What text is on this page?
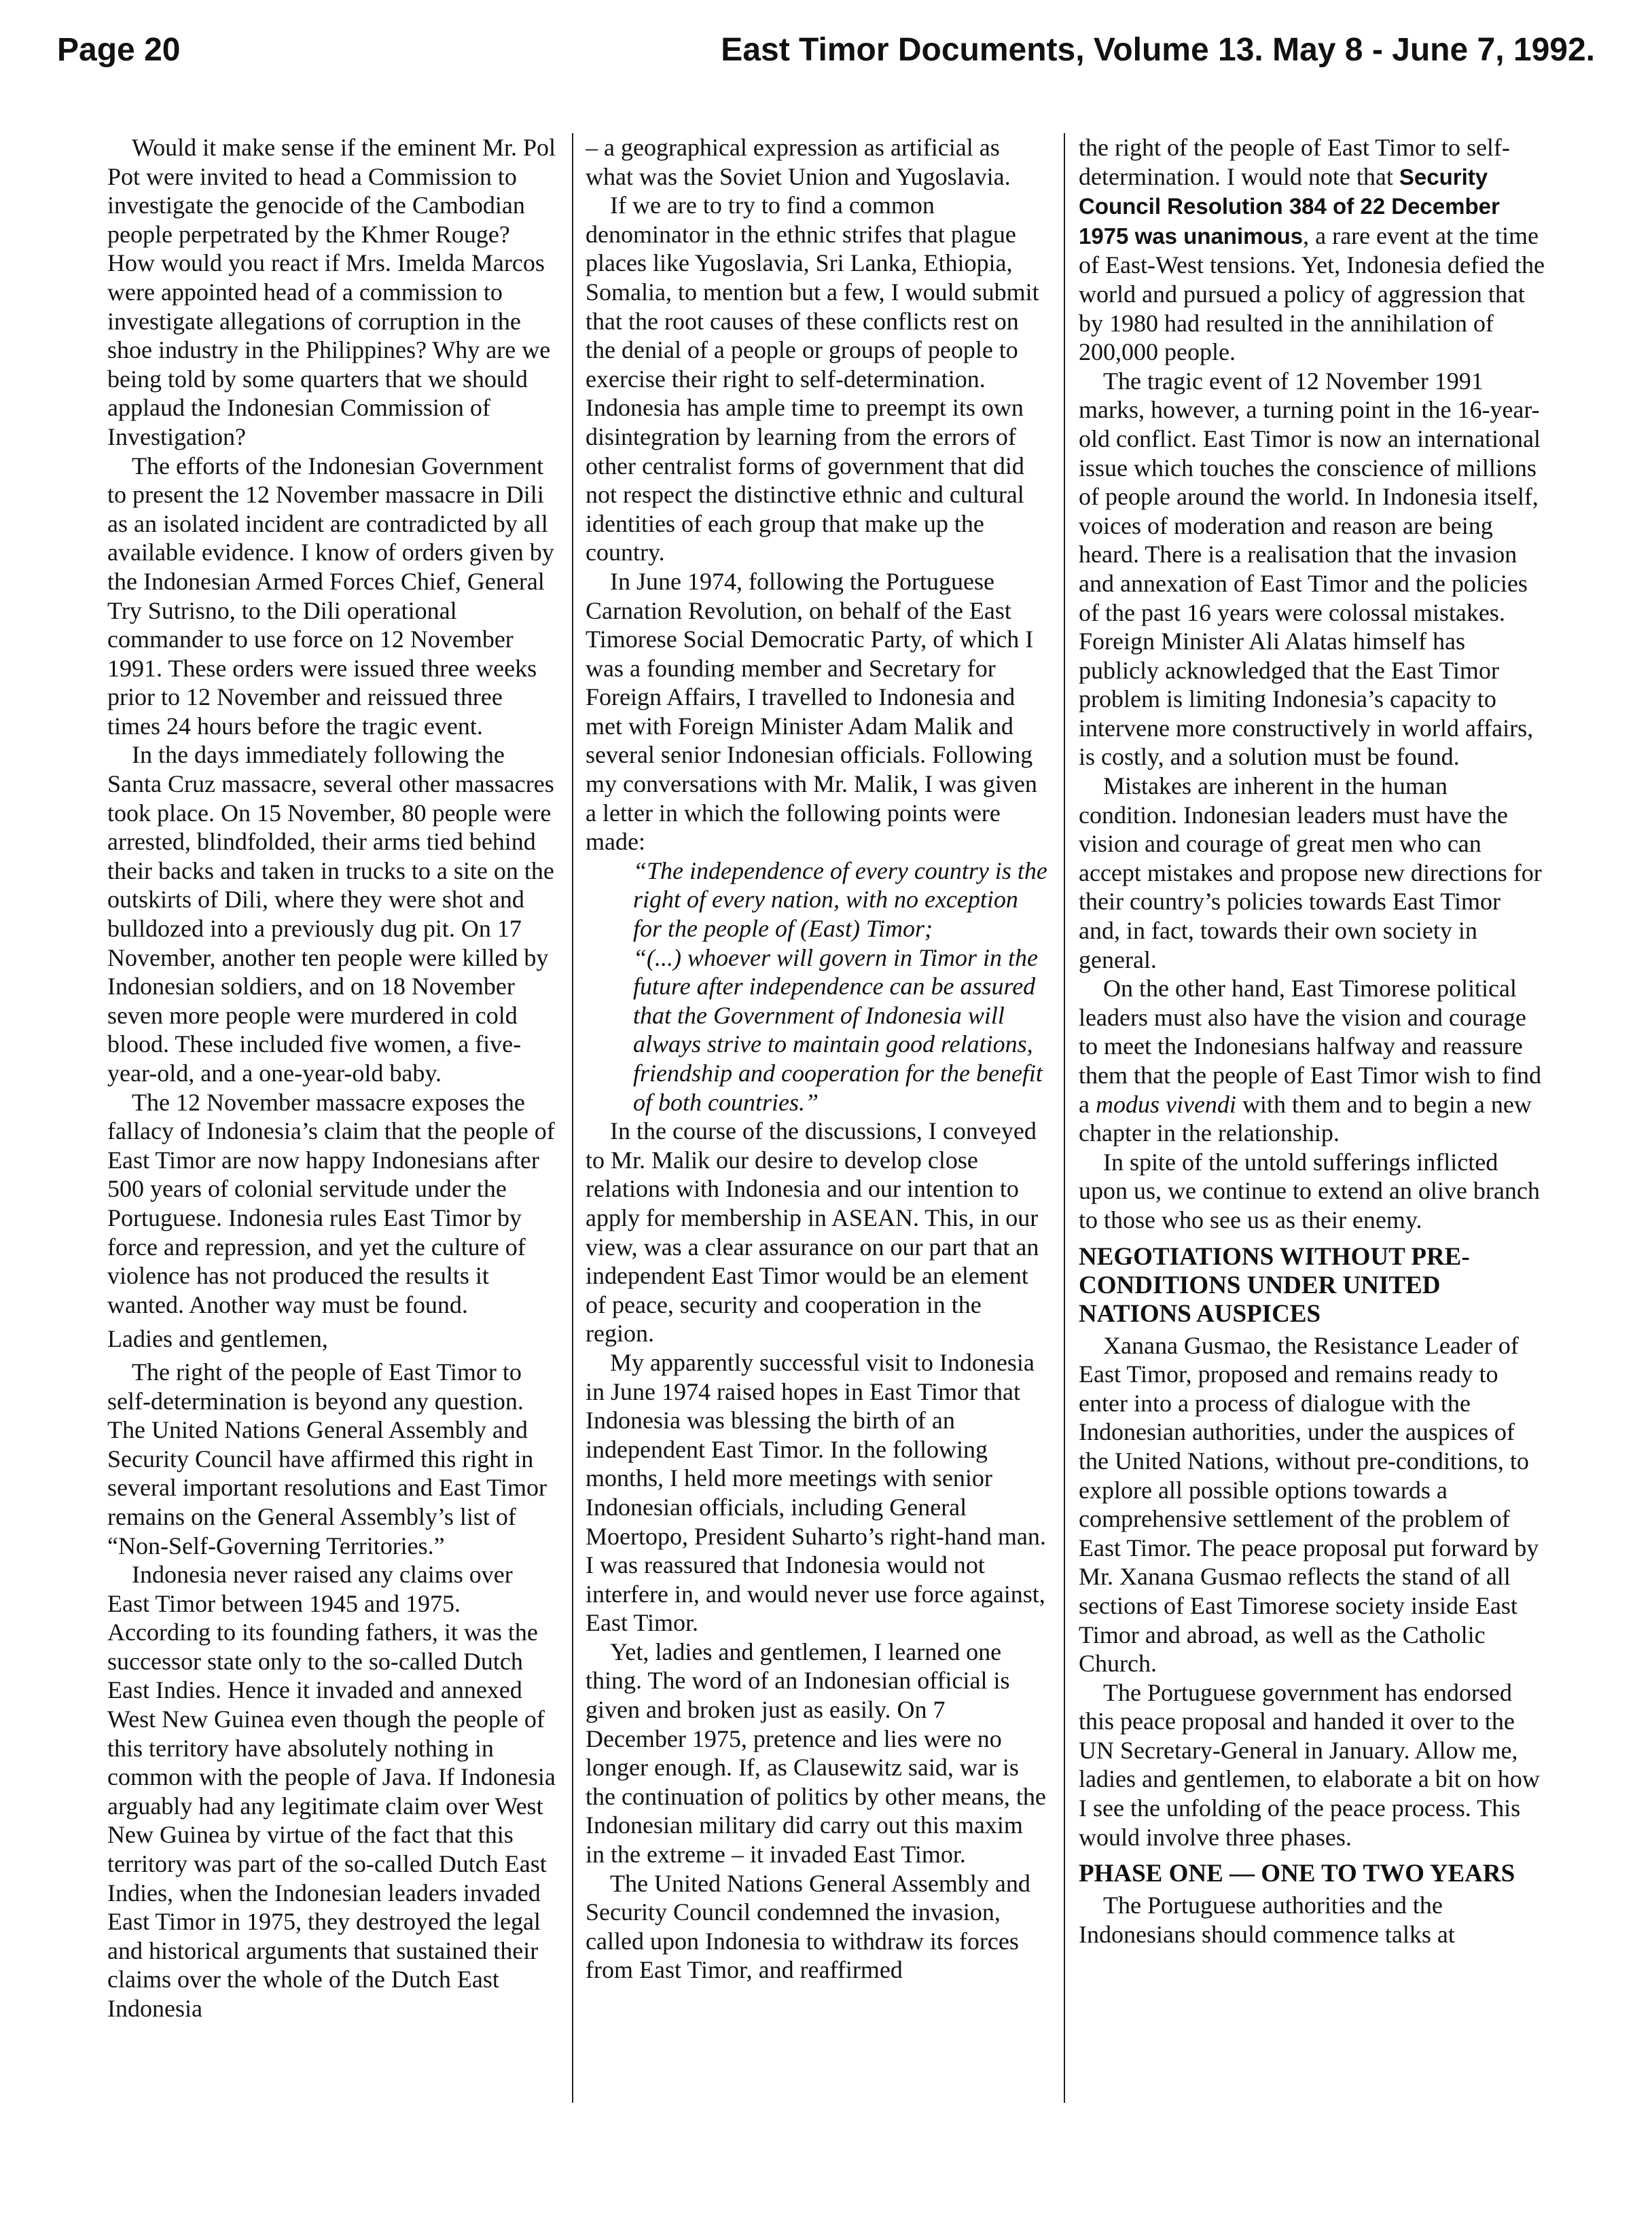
Page 20	East Timor Documents, Volume 13. May 8 - June 7, 1992.

Would it make sense if the eminent Mr. Pol Pot were invited to head a Commission to investigate the genocide of the Cambodian people perpetrated by the Khmer Rouge? How would you react if Mrs. Imelda Marcos were appointed head of a commission to investigate allegations of corruption in the shoe industry in the Philippines? Why are we being told by some quarters that we should applaud the Indonesian Commission of Investigation?

The efforts of the Indonesian Government to present the 12 November massacre in Dili as an isolated incident are contradicted by all available evidence. I know of orders given by the Indonesian Armed Forces Chief, General Try Sutrisno, to the Dili operational commander to use force on 12 November 1991. These orders were issued three weeks prior to 12 November and reissued three times 24 hours before the tragic event.

In the days immediately following the Santa Cruz massacre, several other massacres took place. On 15 November, 80 people were arrested, blindfolded, their arms tied behind their backs and taken in trucks to a site on the outskirts of Dili, where they were shot and bulldozed into a previously dug pit. On 17 November, another ten people were killed by Indonesian soldiers, and on 18 November seven more people were murdered in cold blood. These included five women, a five-year-old, and a one-year-old baby.

The 12 November massacre exposes the fallacy of Indonesia’s claim that the people of East Timor are now happy Indonesians after 500 years of colonial servitude under the Portuguese. Indonesia rules East Timor by force and repression, and yet the culture of violence has not produced the results it wanted. Another way must be found.

Ladies and gentlemen,

The right of the people of East Timor to self-determination is beyond any question. The United Nations General Assembly and Security Council have affirmed this right in several important resolutions and East Timor remains on the General Assembly’s list of “Non-Self-Governing Territories.”

Indonesia never raised any claims over East Timor between 1945 and 1975. According to its founding fathers, it was the successor state only to the so-called Dutch East Indies. Hence it invaded and annexed West New Guinea even though the people of this territory have absolutely nothing in common with the people of Java. If Indonesia arguably had any legitimate claim over West New Guinea by virtue of the fact that this territory was part of the so-called Dutch East Indies, when the Indonesian leaders invaded East Timor in 1975, they destroyed the legal and historical arguments that sustained their claims over the whole of the Dutch East Indonesia

– a geographical expression as artificial as what was the Soviet Union and Yugoslavia.

If we are to try to find a common denominator in the ethnic strifes that plague places like Yugoslavia, Sri Lanka, Ethiopia, Somalia, to mention but a few, I would submit that the root causes of these conflicts rest on the denial of a people or groups of people to exercise their right to self-determination. Indonesia has ample time to preempt its own disintegration by learning from the errors of other centralist forms of government that did not respect the distinctive ethnic and cultural identities of each group that make up the country.

In June 1974, following the Portuguese Carnation Revolution, on behalf of the East Timorese Social Democratic Party, of which I was a founding member and Secretary for Foreign Affairs, I travelled to Indonesia and met with Foreign Minister Adam Malik and several senior Indonesian officials. Following my conversations with Mr. Malik, I was given a letter in which the following points were made:

“The independence of every country is the right of every nation, with no exception for the people of (East) Timor;

“(...) whoever will govern in Timor in the future after independence can be assured that the Government of Indonesia will always strive to maintain good relations, friendship and cooperation for the benefit of both countries.”

In the course of the discussions, I conveyed to Mr. Malik our desire to develop close relations with Indonesia and our intention to apply for membership in ASEAN. This, in our view, was a clear assurance on our part that an independent East Timor would be an element of peace, security and cooperation in the region.

My apparently successful visit to Indonesia in June 1974 raised hopes in East Timor that Indonesia was blessing the birth of an independent East Timor. In the following months, I held more meetings with senior Indonesian officials, including General Moertopo, President Suharto’s right-hand man. I was reassured that Indonesia would not interfere in, and would never use force against, East Timor.

Yet, ladies and gentlemen, I learned one thing. The word of an Indonesian official is given and broken just as easily. On 7 December 1975, pretence and lies were no longer enough. If, as Clausewitz said, war is the continuation of politics by other means, the Indonesian military did carry out this maxim in the extreme – it invaded East Timor.

The United Nations General Assembly and Security Council condemned the invasion, called upon Indonesia to withdraw its forces from East Timor, and reaffirmed

the right of the people of East Timor to self-determination. I would note that Security Council Resolution 384 of 22 December 1975 was unanimous, a rare event at the time of East-West tensions. Yet, Indonesia defied the world and pursued a policy of aggression that by 1980 had resulted in the annihilation of 200,000 people.

The tragic event of 12 November 1991 marks, however, a turning point in the 16-year-old conflict. East Timor is now an international issue which touches the conscience of millions of people around the world. In Indonesia itself, voices of moderation and reason are being heard. There is a realisation that the invasion and annexation of East Timor and the policies of the past 16 years were colossal mistakes. Foreign Minister Ali Alatas himself has publicly acknowledged that the East Timor problem is limiting Indonesia’s capacity to intervene more constructively in world affairs, is costly, and a solution must be found.

Mistakes are inherent in the human condition. Indonesian leaders must have the vision and courage of great men who can accept mistakes and propose new directions for their country’s policies towards East Timor and, in fact, towards their own society in general.

On the other hand, East Timorese political leaders must also have the vision and courage to meet the Indonesians halfway and reassure them that the people of East Timor wish to find a modus vivendi with them and to begin a new chapter in the relationship.

In spite of the untold sufferings inflicted upon us, we continue to extend an olive branch to those who see us as their enemy.

NEGOTIATIONS WITHOUT PRE-CONDITIONS UNDER UNITED NATIONS AUSPICES

Xanana Gusmao, the Resistance Leader of East Timor, proposed and remains ready to enter into a process of dialogue with the Indonesian authorities, under the auspices of the United Nations, without pre-conditions, to explore all possible options towards a comprehensive settlement of the problem of East Timor. The peace proposal put forward by Mr. Xanana Gusmao reflects the stand of all sections of East Timorese society inside East Timor and abroad, as well as the Catholic Church.

The Portuguese government has endorsed this peace proposal and handed it over to the UN Secretary-General in January. Allow me, ladies and gentlemen, to elaborate a bit on how I see the unfolding of the peace process. This would involve three phases.

PHASE ONE — ONE TO TWO YEARS

The Portuguese authorities and the Indonesians should commence talks at
